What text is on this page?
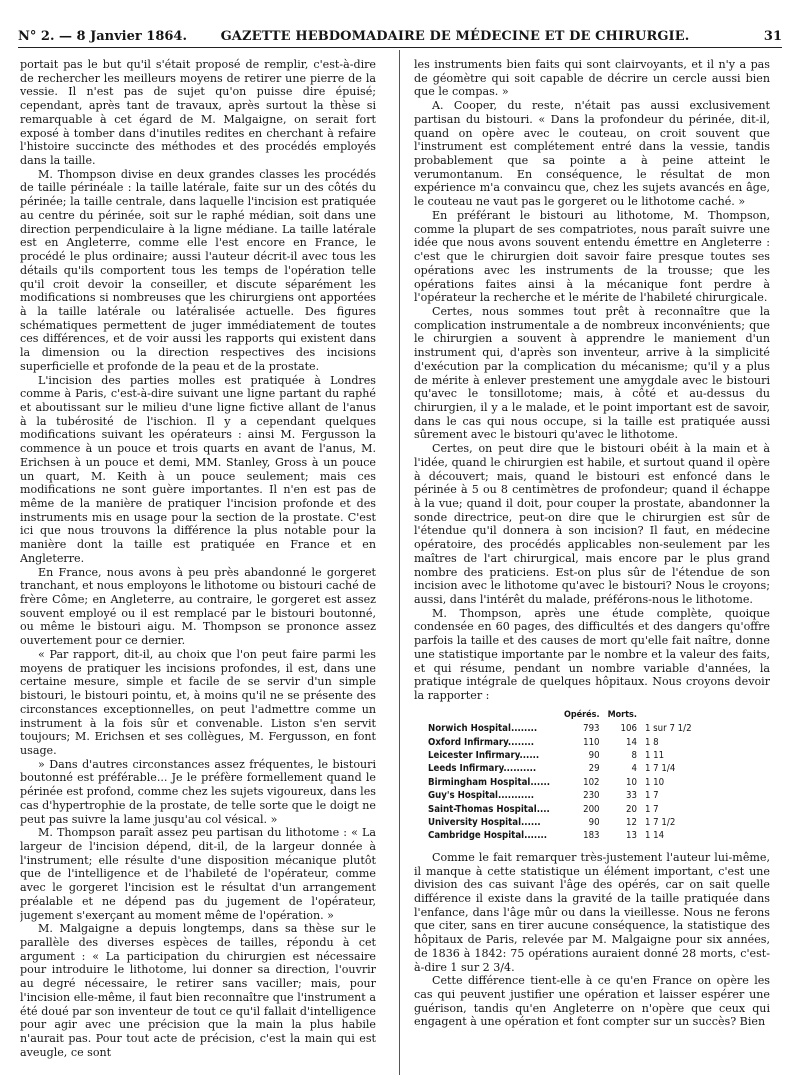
N° 2. — 8 Janvier 1864.	GAZETTE HEBDOMADAIRE DE MÉDECINE ET DE CHIRURGIE.	31

portait pas le but qu'il s'était proposé de remplir, c'est-à-dire de rechercher les meilleurs moyens de retirer une pierre de la vessie. Il n'est pas de sujet qu'on puisse dire épuisé; cependant, après tant de travaux, après surtout la thèse si remarquable à cet égard de M. Malgaigne, on serait fort exposé à tomber dans d'inutiles redites en cherchant à refaire l'histoire succincte des méthodes et des procédés employés dans la taille.

M. Thompson divise en deux grandes classes les procédés de taille périnéale : la taille latérale, faite sur un des côtés du périnée; la taille centrale, dans laquelle l'incision est pratiquée au centre du périnée, soit sur le raphé médian, soit dans une direction perpendiculaire à la ligne médiane. La taille latérale est en Angleterre, comme elle l'est encore en France, le procédé le plus ordinaire; aussi l'auteur décrit-il avec tous les détails qu'ils comportent tous les temps de l'opération telle qu'il croit devoir la conseiller, et discute séparément les modifications si nombreuses que les chirurgiens ont apportées à la taille latérale ou latéralisée actuelle. Des figures schématiques permettent de juger immédiatement de toutes ces différences, et de voir aussi les rapports qui existent dans la dimension ou la direction respectives des incisions superficielle et profonde de la peau et de la prostate.

L'incision des parties molles est pratiquée à Londres comme à Paris, c'est-à-dire suivant une ligne partant du raphé et aboutissant sur le milieu d'une ligne fictive allant de l'anus à la tubérosité de l'ischion. Il y a cependant quelques modifications suivant les opérateurs : ainsi M. Fergusson la commence à un pouce et trois quarts en avant de l'anus, M. Erichsen à un pouce et demi, MM. Stanley, Gross à un pouce un quart, M. Keith à un pouce seulement; mais ces modifications ne sont guère importantes. Il n'en est pas de même de la manière de pratiquer l'incision profonde et des instruments mis en usage pour la section de la prostate. C'est ici que nous trouvons la différence la plus notable pour la manière dont la taille est pratiquée en France et en Angleterre.

En France, nous avons à peu près abandonné le gorgeret tranchant, et nous employons le lithotome ou bistouri caché de frère Côme; en Angleterre, au contraire, le gorgeret est assez souvent employé ou il est remplacé par le bistouri boutonné, ou même le bistouri aigu. M. Thompson se prononce assez ouvertement pour ce dernier.

« Par rapport, dit-il, au choix que l'on peut faire parmi les moyens de pratiquer les incisions profondes, il est, dans une certaine mesure, simple et facile de se servir d'un simple bistouri, le bistouri pointu, et, à moins qu'il ne se présente des circonstances exceptionnelles, on peut l'admettre comme un instrument à la fois sûr et convenable. Liston s'en servit toujours; M. Erichsen et ses collègues, M. Fergusson, en font usage.

» Dans d'autres circonstances assez fréquentes, le bistouri boutonné est préférable... Je le préfère formellement quand le périnée est profond, comme chez les sujets vigoureux, dans les cas d'hypertrophie de la prostate, de telle sorte que le doigt ne peut pas suivre la lame jusqu'au col vésical. »

M. Thompson paraît assez peu partisan du lithotome : « La largeur de l'incision dépend, dit-il, de la largeur donnée à l'instrument; elle résulte d'une disposition mécanique plutôt que de l'intelligence et de l'habileté de l'opérateur, comme avec le gorgeret l'incision est le résultat d'un arrangement préalable et ne dépend pas du jugement de l'opérateur, jugement s'exerçant au moment même de l'opération. »

M. Malgaigne a depuis longtemps, dans sa thèse sur le parallèle des diverses espèces de tailles, répondu à cet argument : « La participation du chirurgien est nécessaire pour introduire le lithotome, lui donner sa direction, l'ouvrir au degré nécessaire, le retirer sans vaciller; mais, pour l'incision elle-même, il faut bien reconnaître que l'instrument a été doué par son inventeur de tout ce qu'il fallait d'intelligence pour agir avec une précision que la main la plus habile n'aurait pas. Pour tout acte de précision, c'est la main qui est aveugle, ce sont

les instruments bien faits qui sont clairvoyants, et il n'y a pas de géomètre qui soit capable de décrire un cercle aussi bien que le compas. »

A. Cooper, du reste, n'était pas aussi exclusivement partisan du bistouri. « Dans la profondeur du périnée, dit-il, quand on opère avec le couteau, on croit souvent que l'instrument est complétement entré dans la vessie, tandis probablement que sa pointe a à peine atteint le verumontanum. En conséquence, le résultat de mon expérience m'a convaincu que, chez les sujets avancés en âge, le couteau ne vaut pas le gorgeret ou le lithotome caché. »

En préférant le bistouri au lithotome, M. Thompson, comme la plupart de ses compatriotes, nous paraît suivre une idée que nous avons souvent entendu émettre en Angleterre : c'est que le chirurgien doit savoir faire presque toutes ses opérations avec les instruments de la trousse; que les opérations faites ainsi à la mécanique font perdre à l'opérateur la recherche et le mérite de l'habileté chirurgicale.

Certes, nous sommes tout prêt à reconnaître que la complication instrumentale a de nombreux inconvénients; que le chirurgien a souvent à apprendre le maniement d'un instrument qui, d'après son inventeur, arrive à la simplicité d'exécution par la complication du mécanisme; qu'il y a plus de mérite à enlever prestement une amygdale avec le bistouri qu'avec le tonsillotome; mais, à côté et au-dessus du chirurgien, il y a le malade, et le point important est de savoir, dans le cas qui nous occupe, si la taille est pratiquée aussi sûrement avec le bistouri qu'avec le lithotome.

Certes, on peut dire que le bistouri obéit à la main et à l'idée, quand le chirurgien est habile, et surtout quand il opère à découvert; mais, quand le bistouri est enfoncé dans le périnée à 5 ou 8 centimètres de profondeur; quand il échappe à la vue; quand il doit, pour couper la prostate, abandonner la sonde directrice, peut-on dire que le chirurgien est sûr de l'étendue qu'il donnera à son incision? Il faut, en médecine opératoire, des procédés applicables non-seulement par les maîtres de l'art chirurgical, mais encore par le plus grand nombre des praticiens. Est-on plus sûr de l'étendue de son incision avec le lithotome qu'avec le bistouri? Nous le croyons; aussi, dans l'intérêt du malade, préférons-nous le lithotome.

M. Thompson, après une étude complète, quoique condensée en 60 pages, des difficultés et des dangers qu'offre parfois la taille et des causes de mort qu'elle fait naître, donne une statistique importante par le nombre et la valeur des faits, et qui résume, pendant un nombre variable d'années, la pratique intégrale de quelques hôpitaux. Nous croyons devoir la rapporter :

	Opérés.	Morts.	
Norwich Hospital........	793	106	1 sur 7 1/2
Oxford Infirmary........	110	14	1 8
Leicester Infirmary......	90	8	1 11
Leeds Infirmary..........	29	4	1 7 1/4
Birmingham Hospital......	102	10	1 10
Guy's Hospital...........	230	33	1 7
Saint-Thomas Hospital....	200	20	1 7
University Hospital......	90	12	1 7 1/2
Cambridge Hospital.......	183	13	1 14

Comme le fait remarquer très-justement l'auteur lui-même, il manque à cette statistique un élément important, c'est une division des cas suivant l'âge des opérés, car on sait quelle différence il existe dans la gravité de la taille pratiquée dans l'enfance, dans l'âge mûr ou dans la vieillesse. Nous ne ferons que citer, sans en tirer aucune conséquence, la statistique des hôpitaux de Paris, relevée par M. Malgaigne pour six années, de 1836 à 1842: 75 opérations auraient donné 28 morts, c'est-à-dire 1 sur 2 3/4.

Cette différence tient-elle à ce qu'en France on opère les cas qui peuvent justifier une opération et laisser espérer une guérison, tandis qu'en Angleterre on n'opère que ceux qui engagent à une opération et font compter sur un succès? Bien
